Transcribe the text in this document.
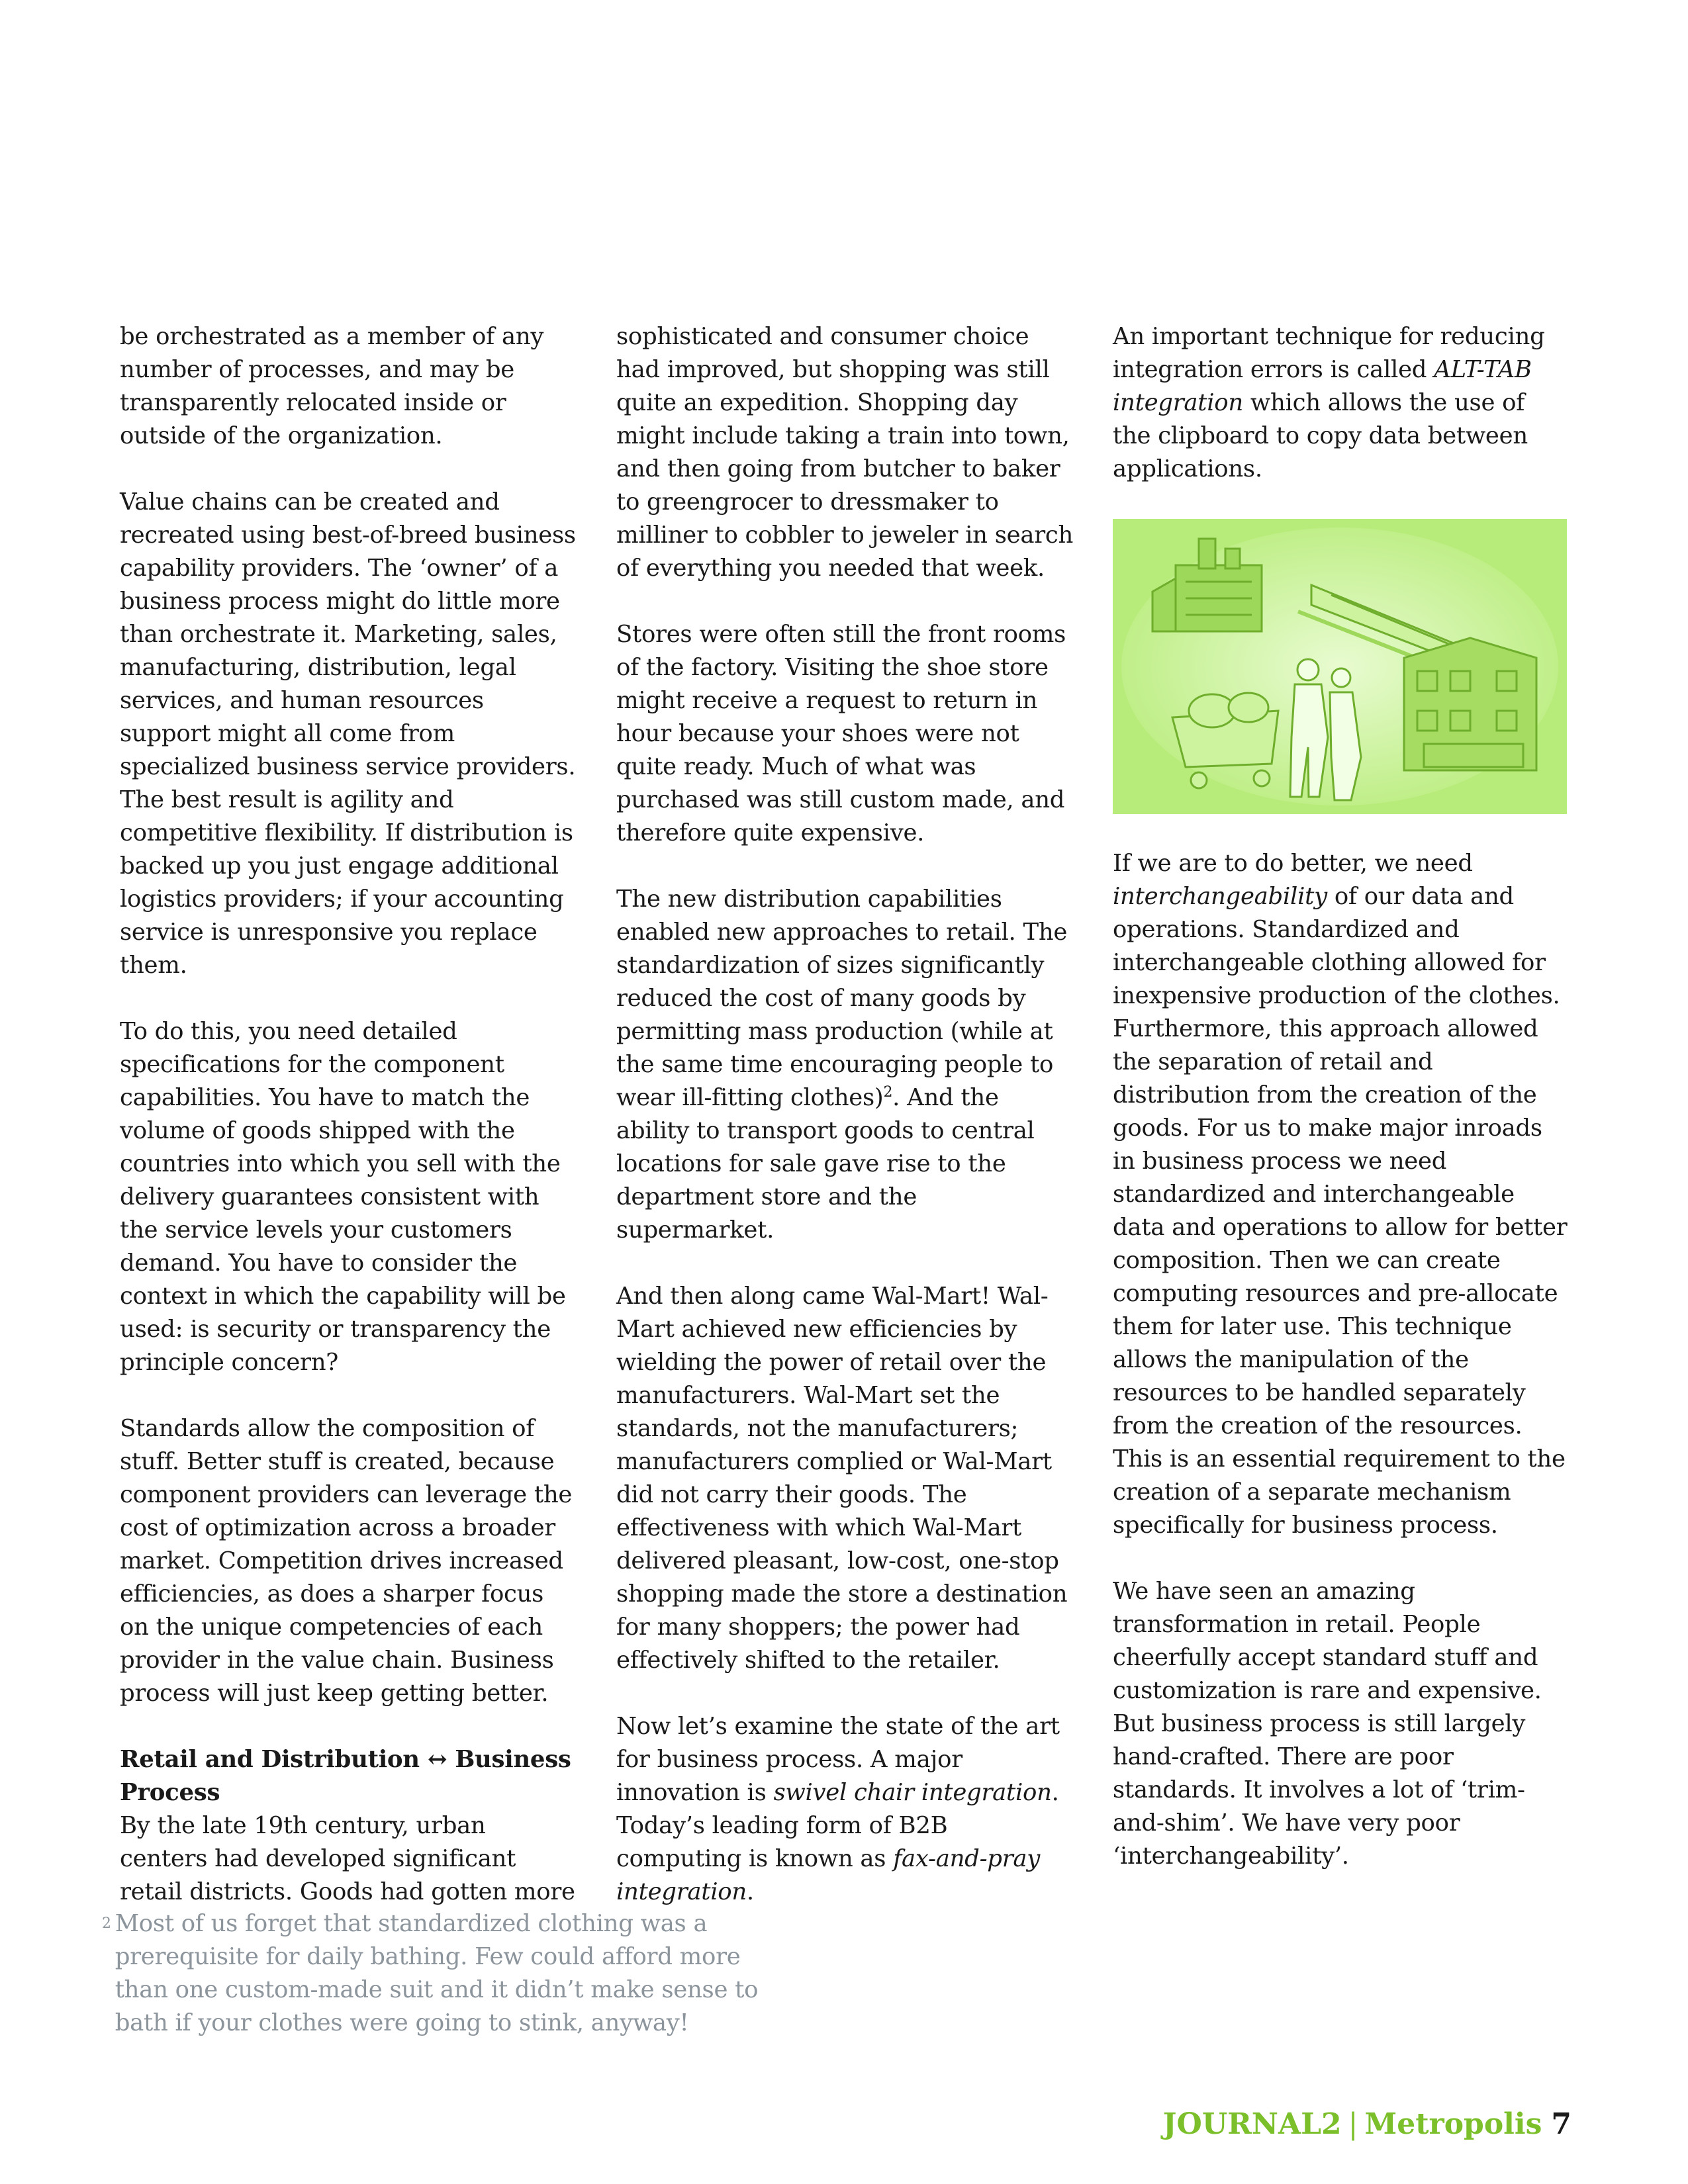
be orchestrated as a member of any number of processes, and may be transparently relocated inside or outside of the organization.

Value chains can be created and recreated using best-of-breed business capability providers. The ‘owner’ of a business process might do little more than orchestrate it. Marketing, sales, manufacturing, distribution, legal services, and human resources support might all come from specialized business service providers. The best result is agility and competitive flexibility. If distribution is backed up you just engage additional logistics providers; if your accounting service is unresponsive you replace them.

To do this, you need detailed specifications for the component capabilities. You have to match the volume of goods shipped with the countries into which you sell with the delivery guarantees consistent with the service levels your customers demand. You have to consider the context in which the capability will be used: is security or transparency the principle concern?

Standards allow the composition of stuff. Better stuff is created, because component providers can leverage the cost of optimization across a broader market. Competition drives increased efficiencies, as does a sharper focus on the unique competencies of each provider in the value chain. Business process will just keep getting better.

Retail and Distribution ↔ Business Process

By the late 19th century, urban centers had developed significant retail districts. Goods had gotten more

sophisticated and consumer choice had improved, but shopping was still quite an expedition. Shopping day might include taking a train into town, and then going from butcher to baker to greengrocer to dressmaker to milliner to cobbler to jeweler in search of everything you needed that week.

Stores were often still the front rooms of the factory. Visiting the shoe store might receive a request to return in hour because your shoes were not quite ready. Much of what was purchased was still custom made, and therefore quite expensive.

The new distribution capabilities enabled new approaches to retail. The standardization of sizes significantly reduced the cost of many goods by permitting mass production (while at the same time encouraging people to wear ill-fitting clothes)$^2$. And the ability to transport goods to central locations for sale gave rise to the department store and the supermarket.

And then along came Wal-Mart! Wal-Mart achieved new efficiencies by wielding the power of retail over the manufacturers. Wal-Mart set the standards, not the manufacturers; manufacturers complied or Wal-Mart did not carry their goods. The effectiveness with which Wal-Mart delivered pleasant, low-cost, one-stop shopping made the store a destination for many shoppers; the power had effectively shifted to the retailer.

Now let’s examine the state of the art for business process. A major innovation is swivel chair integration. Today’s leading form of B2B computing is known as fax-and-pray integration.

An important technique for reducing integration errors is called ALT-TAB integration which allows the use of the clipboard to copy data between applications.

If we are to do better, we need interchangeability of our data and operations. Standardized and interchangeable clothing allowed for inexpensive production of the clothes. Furthermore, this approach allowed the separation of retail and distribution from the creation of the goods. For us to make major inroads in business process we need standardized and interchangeable data and operations to allow for better composition. Then we can create computing resources and pre-allocate them for later use. This technique allows the manipulation of the resources to be handled separately from the creation of the resources. This is an essential requirement to the creation of a separate mechanism specifically for business process.

We have seen an amazing transformation in retail. People cheerfully accept standard stuff and customization is rare and expensive. But business process is still largely hand-crafted. There are poor standards. It involves a lot of ‘trim-and-shim’. We have very poor ‘interchangeability’.

$^2$ Most of us forget that standardized clothing was a prerequisite for daily bathing. Few could afford more than one custom-made suit and it didn’t make sense to bath if your clothes were going to stink, anyway!
JOURNAL2 | Metropolis 7
